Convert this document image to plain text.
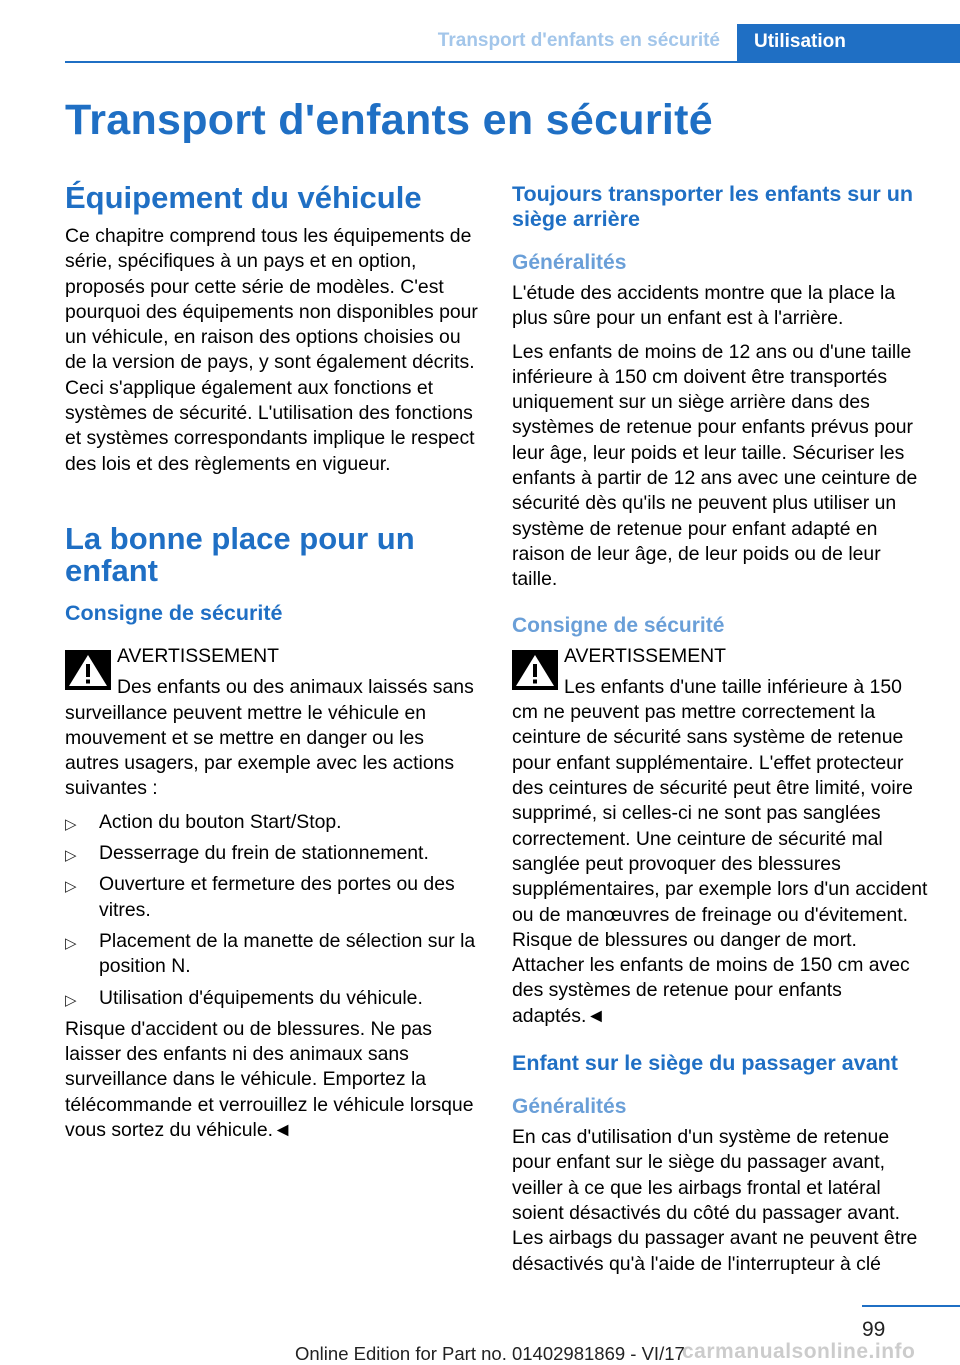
Transport d'enfants en sécurité	Utilisation
Transport d'enfants en sécurité
Équipement du véhicule

Ce chapitre comprend tous les équipements de série, spécifiques à un pays et en option, proposés pour cette série de modèles. C'est pourquoi des équipements non disponibles pour un véhicule, en raison des options choisies ou de la version de pays, y sont également décrits. Ceci s'applique également aux fonctions et systèmes de sécurité. L'utilisation des fonctions et systèmes correspondants implique le respect des lois et des règlements en vigueur.

La bonne place pour un enfant
Consigne de sécurité
AVERTISSEMENT

Des enfants ou des animaux laissés sans surveillance peuvent mettre le véhicule en mouvement et se mettre en danger ou les autres usagers, par exemple avec les actions suivantes :

▷ Action du bouton Start/Stop.
▷ Desserrage du frein de stationnement.
▷ Ouverture et fermeture des portes ou des vitres.
▷ Placement de la manette de sélection sur la position N.
▷ Utilisation d'équipements du véhicule.

Risque d'accident ou de blessures. Ne pas laisser des enfants ni des animaux sans surveillance dans le véhicule. Emportez la télécommande et verrouillez le véhicule lorsque vous sortez du véhicule.◄

Toujours transporter les enfants sur un siège arrière
Généralités

L'étude des accidents montre que la place la plus sûre pour un enfant est à l'arrière.

Les enfants de moins de 12 ans ou d'une taille inférieure à 150 cm doivent être transportés uniquement sur un siège arrière dans des systèmes de retenue pour enfants prévus pour leur âge, leur poids et leur taille. Sécuriser les enfants à partir de 12 ans avec une ceinture de sécurité dès qu'ils ne peuvent plus utiliser un système de retenue pour enfant adapté en raison de leur âge, de leur poids ou de leur taille.

Consigne de sécurité
AVERTISSEMENT

Les enfants d'une taille inférieure à 150 cm ne peuvent pas mettre correctement la ceinture de sécurité sans système de retenue pour enfant supplémentaire. L'effet protecteur des ceintures de sécurité peut être limité, voire supprimé, si celles-ci ne sont pas sanglées correctement. Une ceinture de sécurité mal sanglée peut provoquer des blessures supplémentaires, par exemple lors d'un accident ou de manœuvres de freinage ou d'évitement. Risque de blessures ou danger de mort. Attacher les enfants de moins de 150 cm avec des systèmes de retenue pour enfants adaptés.◄

Enfant sur le siège du passager avant
Généralités

En cas d'utilisation d'un système de retenue pour enfant sur le siège du passager avant, veiller à ce que les airbags frontal et latéral soient désactivés du côté du passager avant. Les airbags du passager avant ne peuvent être désactivés qu'à l'aide de l'interrupteur à clé

99
Online Edition for Part no. 01402981869 - VI/17
carmanualsonline.info
